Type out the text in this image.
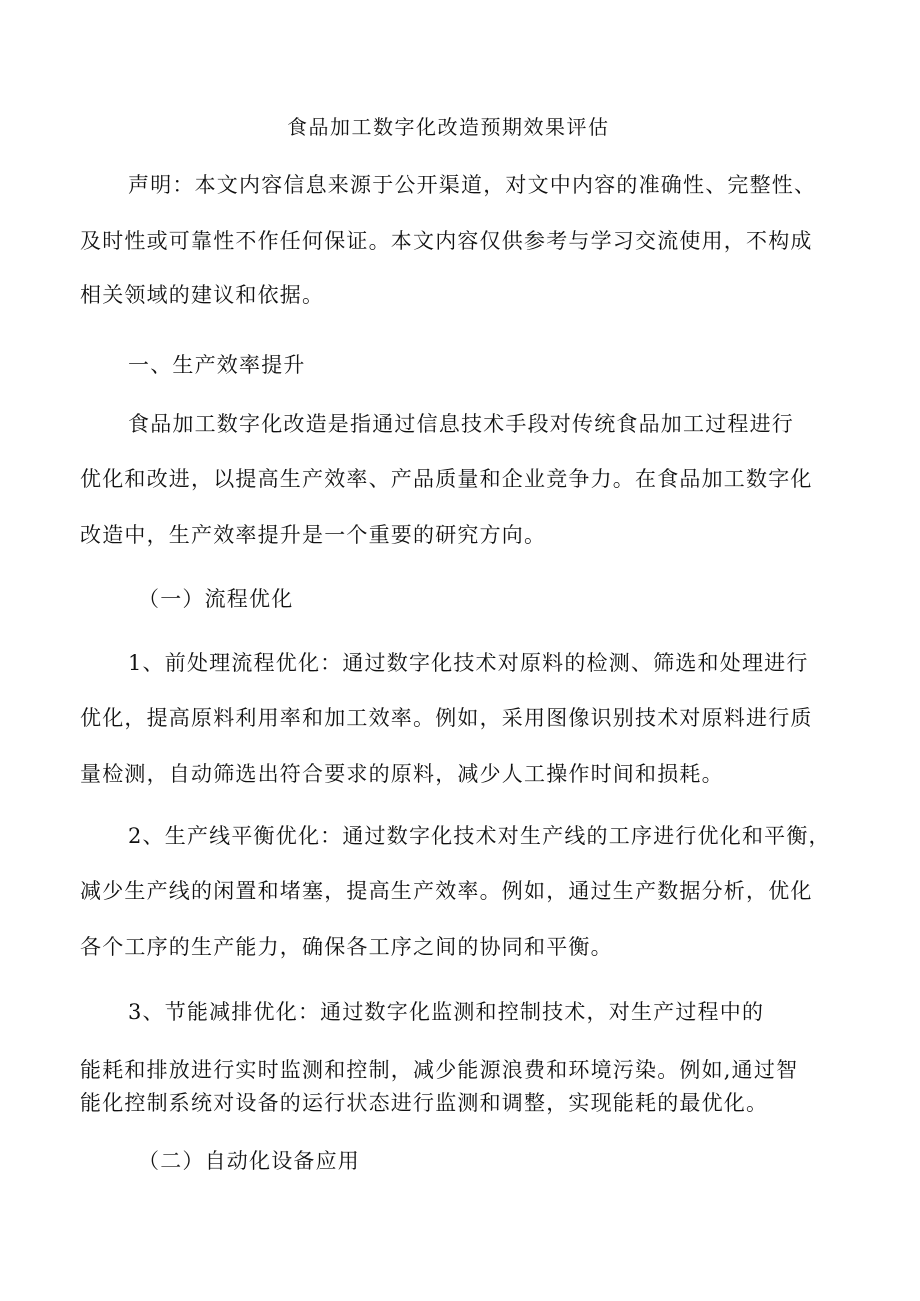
食品加工数字化改造预期效果评估
声明：本文内容信息来源于公开渠道，对文中内容的准确性、完整性、
及时性或可靠性不作任何保证。本文内容仅供参考与学习交流使用，不构成
相关领域的建议和依据。
一、生产效率提升
食品加工数字化改造是指通过信息技术手段对传统食品加工过程进行
优化和改进，以提高生产效率、产品质量和企业竞争力。在食品加工数字化
改造中，生产效率提升是一个重要的研究方向。
（一）流程优化
1、前处理流程优化：通过数字化技术对原料的检测、筛选和处理进行
优化，提高原料利用率和加工效率。例如，采用图像识别技术对原料进行质
量检测，自动筛选出符合要求的原料，减少人工操作时间和损耗。
2、生产线平衡优化：通过数字化技术对生产线的工序进行优化和平衡，
减少生产线的闲置和堵塞，提高生产效率。例如，通过生产数据分析，优化
各个工序的生产能力，确保各工序之间的协同和平衡。
3、节能减排优化：通过数字化监测和控制技术，对生产过程中的
能耗和排放进行实时监测和控制，减少能源浪费和环境污染。例如,通过智
能化控制系统对设备的运行状态进行监测和调整，实现能耗的最优化。
（二）自动化设备应用
